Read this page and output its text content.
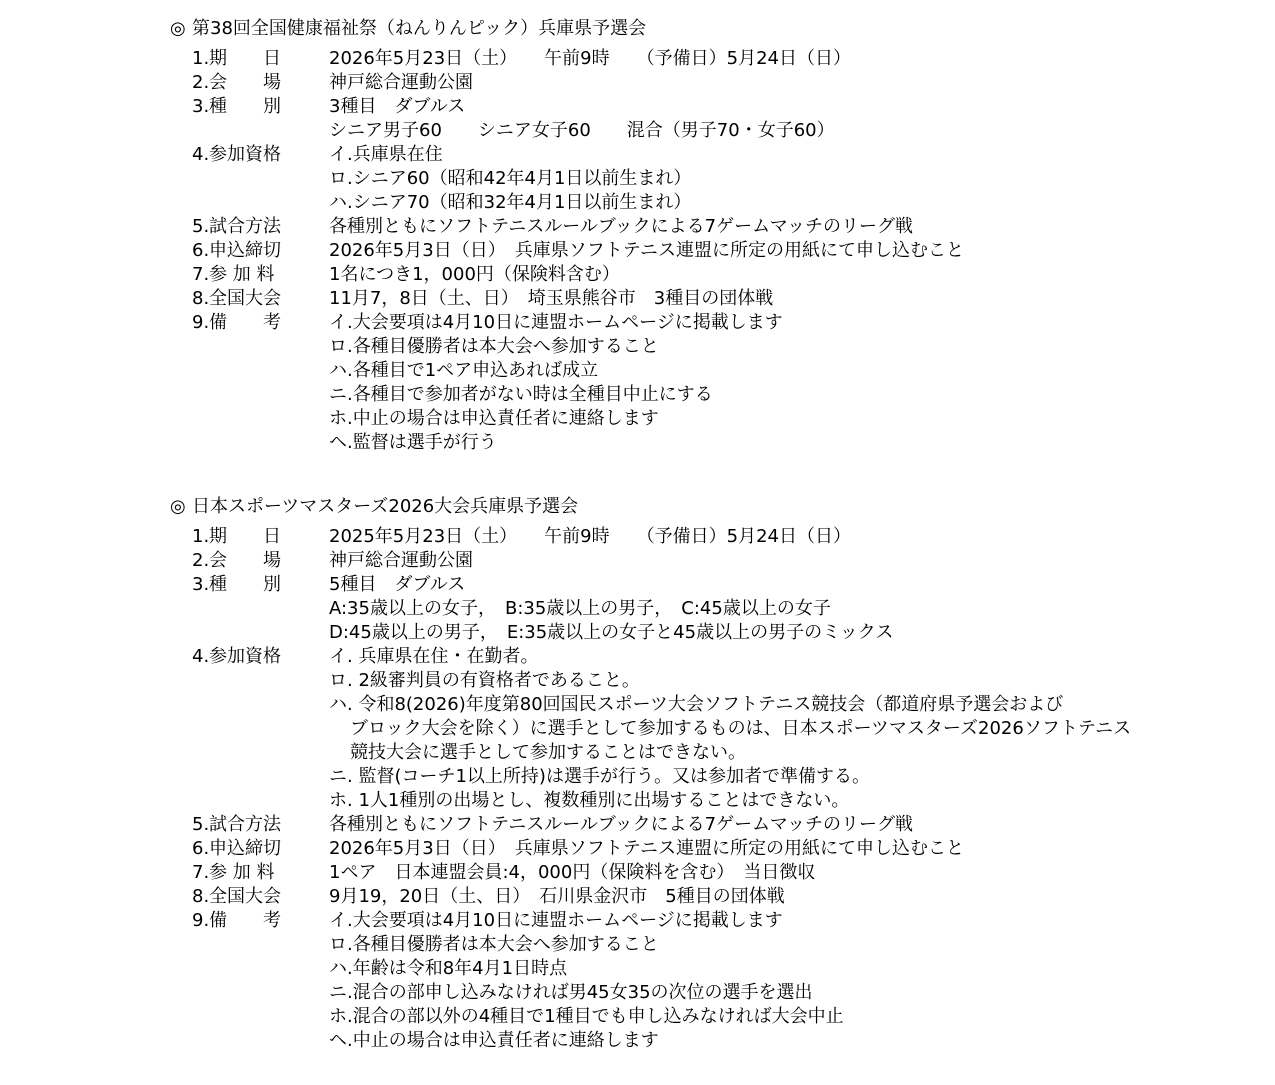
◎ 第38回全国健康福祉祭（ねんりんピック）兵庫県予選会
1. 期　　日	2026年5月23日（土）　　午前9時　　（予備日）5月24日（日）
2. 会　　場	神戸総合運動公園
3. 種　　別	3種目　ダブルス
シニア男子60　　シニア女子60　　混合（男子70・女子60）
4. 参加資格	イ.兵庫県在住
ロ.シニア60（昭和42年4月1日以前生まれ）
ハ.シニア70（昭和32年4月1日以前生まれ）
5. 試合方法	各種別ともにソフトテニスルールブックによる7ゲームマッチのリーグ戦
6. 申込締切	2026年5月3日（日）　兵庫県ソフトテニス連盟に所定の用紙にて申し込むこと
7. 参 加 料	1名につき1，000円（保険料含む）
8. 全国大会	11月7，8日（土、日）　埼玉県熊谷市　3種目の団体戦
9. 備　　考	イ.大会要項は4月10日に連盟ホームページに掲載します
ロ.各種目優勝者は本大会へ参加すること
ハ.各種目で1ペア申込あれば成立
ニ.各種目で参加者がない時は全種目中止にする
ホ.中止の場合は申込責任者に連絡します
ヘ.監督は選手が行う
◎ 日本スポーツマスターズ2026大会兵庫県予選会
1. 期　　日	2025年5月23日（土）　　午前9時　　（予備日）5月24日（日）
2. 会　　場	神戸総合運動公園
3. 種　　別	5種目　ダブルス
A:35歳以上の女子，　B:35歳以上の男子，　C:45歳以上の女子
D:45歳以上の男子，　E:35歳以上の女子と45歳以上の男子のミックス
4. 参加資格	イ. 兵庫県在住・在勤者。
ロ. 2級審判員の有資格者であること。
ハ. 令和8(2026)年度第80回国民スポーツ大会ソフトテニス競技会（都道府県予選会および
ブロック大会を除く）に選手として参加するものは、日本スポーツマスターズ2026ソフトテニス
競技大会に選手として参加することはできない。
ニ. 監督(コーチ1以上所持)は選手が行う。又は参加者で準備する。
ホ. 1人1種別の出場とし、複数種別に出場することはできない。
5. 試合方法	各種別ともにソフトテニスルールブックによる7ゲームマッチのリーグ戦
6. 申込締切	2026年5月3日（日）　兵庫県ソフトテニス連盟に所定の用紙にて申し込むこと
7. 参 加 料	1ペア　日本連盟会員:4，000円（保険料を含む）　当日徴収
8. 全国大会	9月19，20日（土、日）　石川県金沢市　5種目の団体戦
9. 備　　考	イ.大会要項は4月10日に連盟ホームページに掲載します
ロ.各種目優勝者は本大会へ参加すること
ハ.年齢は令和8年4月1日時点
ニ.混合の部申し込みなければ男45女35の次位の選手を選出
ホ.混合の部以外の4種目で1種目でも申し込みなければ大会中止
ヘ.中止の場合は申込責任者に連絡します
